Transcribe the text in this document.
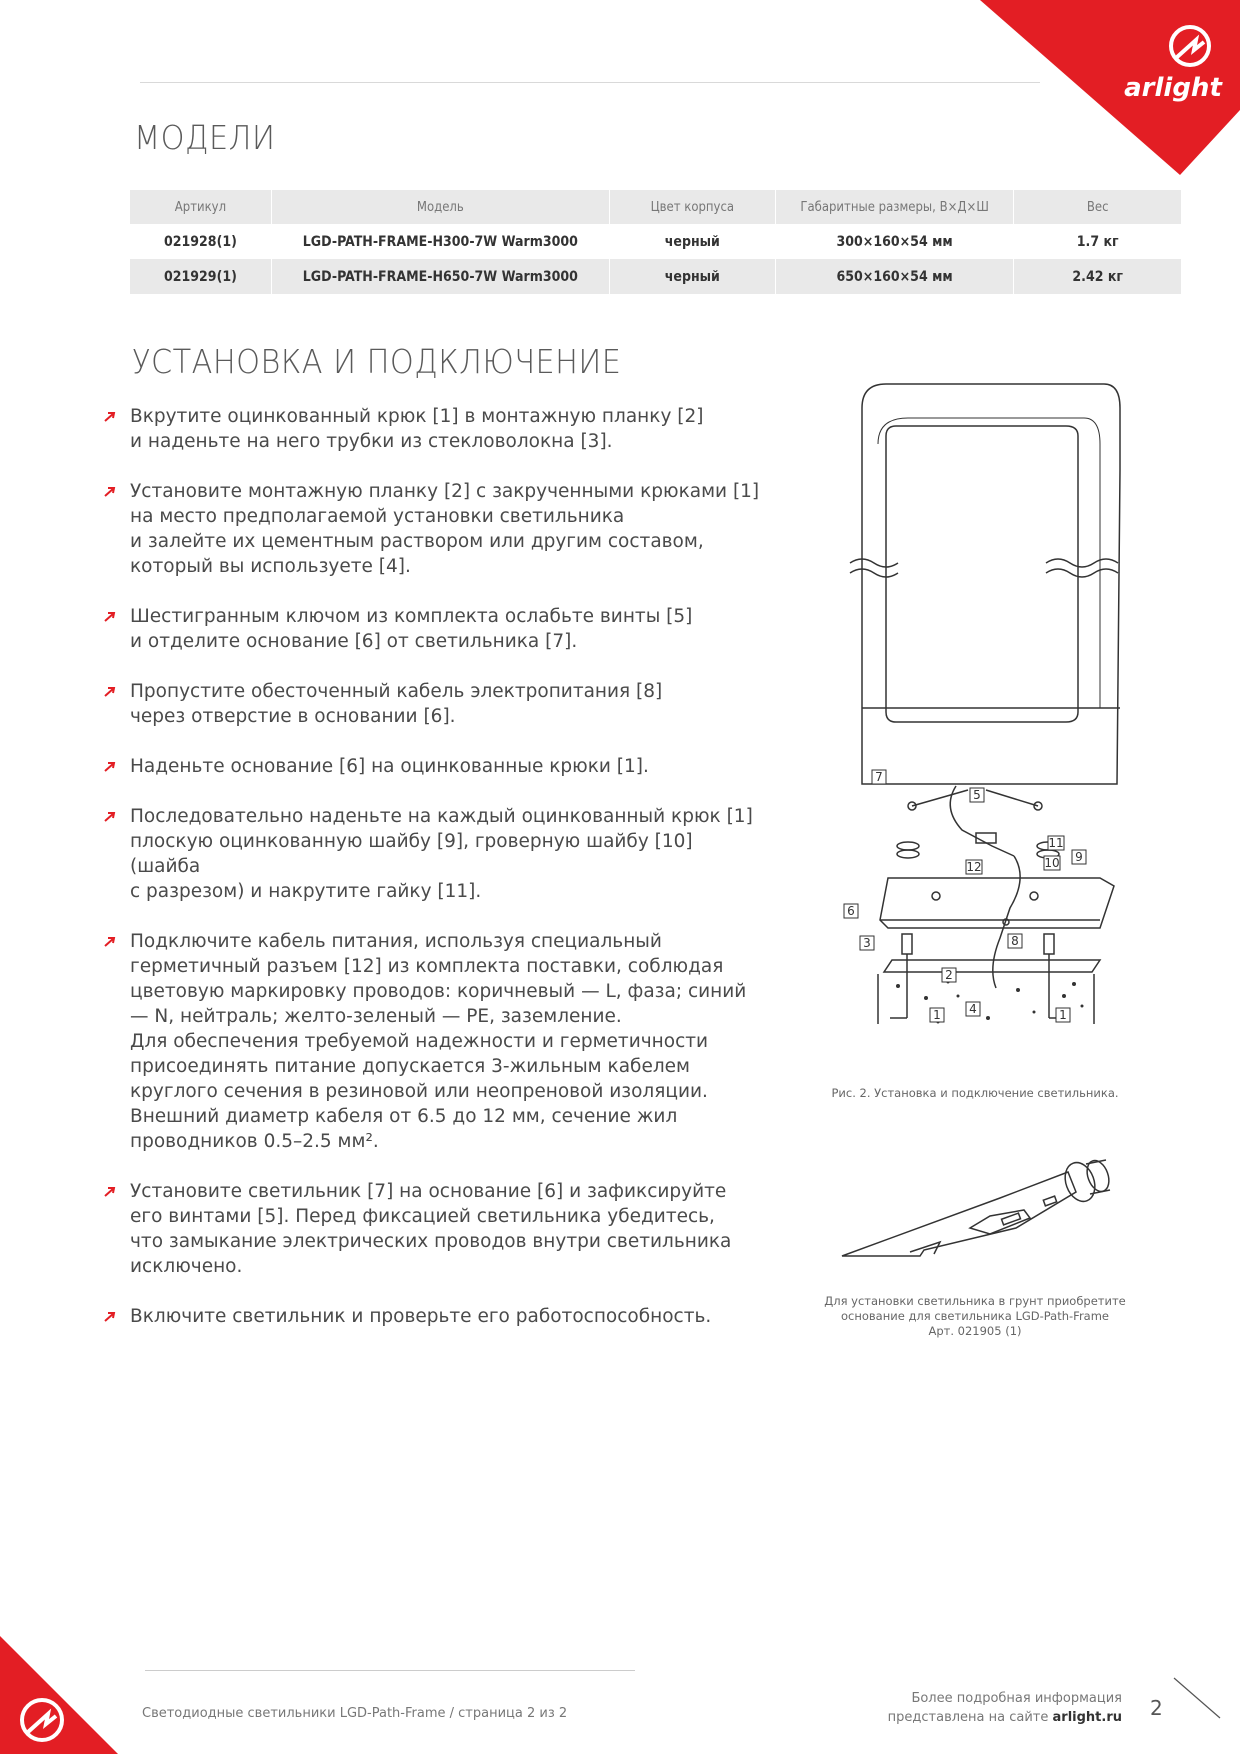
arlight
МОДЕЛИ
Артикул	Модель	Цвет корпуса	Габаритные размеры, В×Д×Ш	Вес
021928(1)	LGD-PATH-FRAME-H300-7W Warm3000	черный	300×160×54 мм	1.7 кг
021929(1)	LGD-PATH-FRAME-H650-7W Warm3000	черный	650×160×54 мм	2.42 кг
УСТАНОВКА И ПОДКЛЮЧЕНИЕ

Вкрутите оцинкованный крюк [1] в монтажную планку [2]
и наденьте на него трубки из стекловолокна [3].

Установите монтажную планку [2] с закрученными крюками [1]
на место предполагаемой установки светильника
и залейте их цементным раствором или другим составом,
который вы используете [4].

Шестигранным ключом из комплекта ослабьте винты [5]
и отделите основание [6] от светильника [7].

Пропустите обесточенный кабель электропитания [8]
через отверстие в основании [6].

Наденьте основание [6] на оцинкованные крюки [1].

Последовательно наденьте на каждый оцинкованный крюк [1]
плоскую оцинкованную шайбу [9], гроверную шайбу [10] (шайба
с разрезом) и накрутите гайку [11].

Подключите кабель питания, используя специальный
герметичный разъем [12] из комплекта поставки, соблюдая
цветовую маркировку проводов: коричневый — L, фаза; синий
— N, нейтраль; желто-зеленый — PE, заземление.
Для обеспечения требуемой надежности и герметичности
присоединять питание допускается 3-жильным кабелем
круглого сечения в резиновой или неопреновой изоляции.
Внешний диаметр кабеля от 6.5 до 12 мм, сечение жил
проводников 0.5–2.5 мм².

Установите светильник [7] на основание [6] и зафиксируйте
его винтами [5]. Перед фиксацией светильника убедитесь,
что замыкание электрических проводов внутри светильника
исключено.

Включите светильник и проверьте его работоспособность.

7
5
11
9
12	10
6
3	8
2
4
1	1
Рис. 2. Установка и подключение светильника.
Для установки светильника в грунт приобретите
основание для светильника LGD-Path-Frame
Арт. 021905 (1)
Светодиодные светильники LGD-Path-Frame / страница 2 из 2
Более подробная информация
представлена на сайте arlight.ru 2
